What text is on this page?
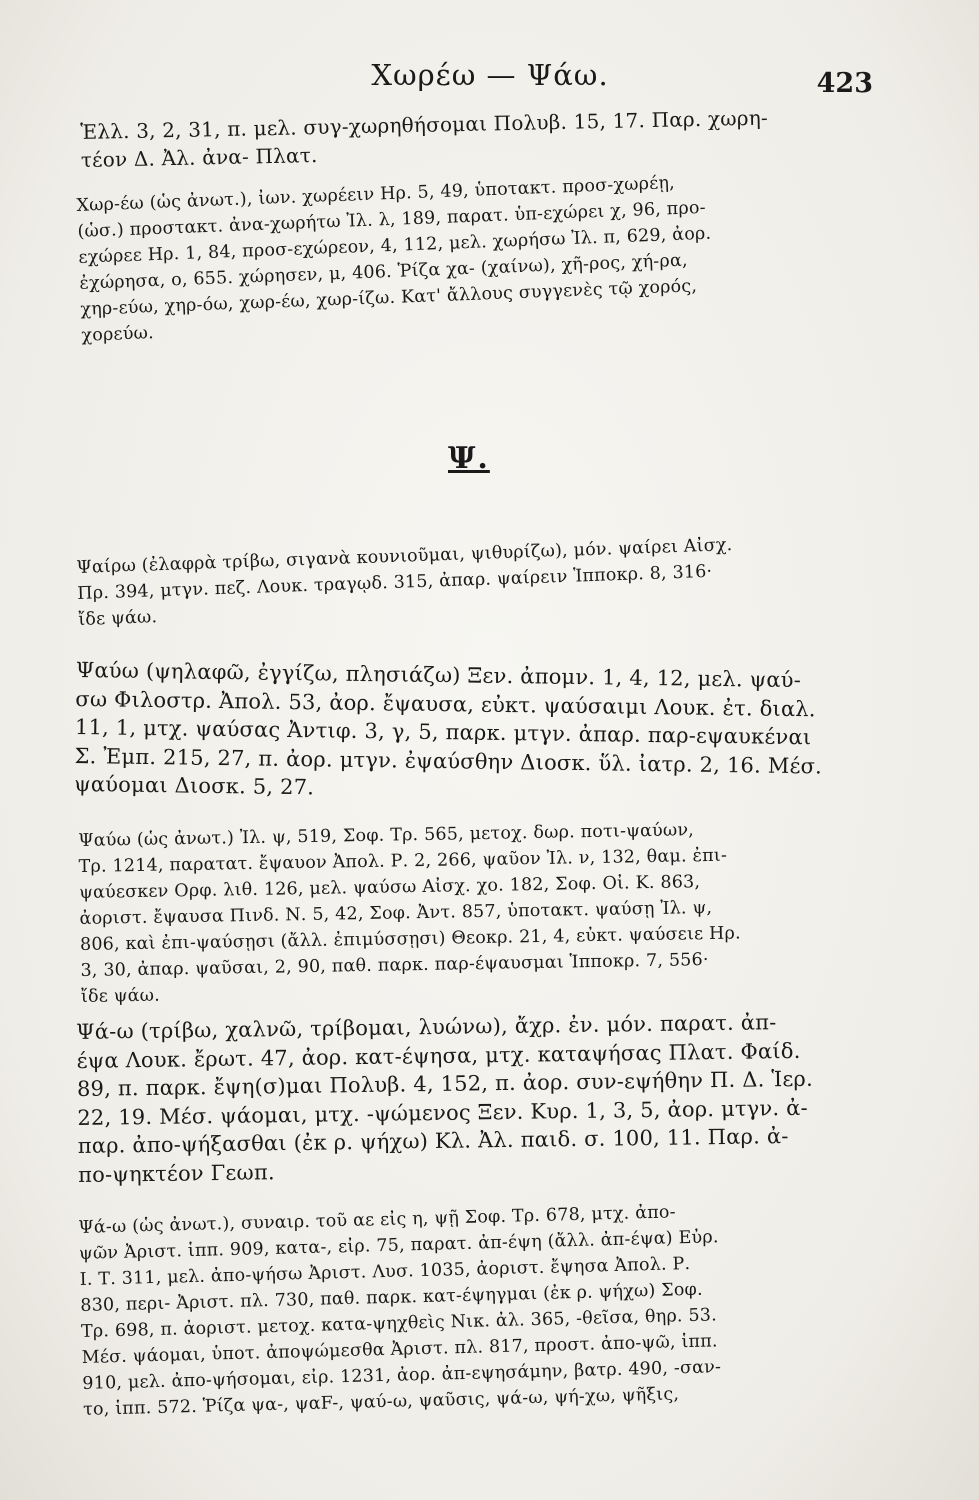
Χωρέω — Ψάω.	423
Ἑλλ. 3, 2, 31, π. μελ. συγ-χωρηθήσομαι Πολυβ. 15, 17. Παρ. χωρη-
τέον Δ. Ἀλ. ἀνα- Πλατ.
Χωρ-έω (ὡς ἀνωτ.), ἰων. χωρέειν Ηρ. 5, 49, ὑποτακτ. προσ-χωρέῃ,
(ὡσ.) προστακτ. ἀνα-χωρήτω Ἰλ. λ, 189, παρατ. ὑπ-εχώρει χ, 96, προ-
εχώρεε Ηρ. 1, 84, προσ-εχώρεον, 4, 112, μελ. χωρήσω Ἰλ. π, 629, ἀορ.
ἐχώρησα, ο, 655. χώρησεν, μ, 406. Ῥίζα χα- (χαίνω), χῆ-ρος, χή-ρα,
χηρ-εύω, χηρ-όω, χωρ-έω, χωρ-ίζω. Κατ' ἄλλους συγγενὲς τῷ χορός,
χορεύω.
Ψ.
Ψαίρω (ἐλαφρὰ τρίβω, σιγανὰ κουνιοῦμαι, ψιθυρίζω), μόν. ψαίρει Αἰσχ.
Πρ. 394, μτγν. πεζ. Λουκ. τραγῳδ. 315, ἀπαρ. ψαίρειν Ἱπποκρ. 8, 316·
ἴδε ψάω.
Ψαύω (ψηλαφῶ, ἐγγίζω, πλησιάζω) Ξεν. ἀπομν. 1, 4, 12, μελ. ψαύ-
σω Φιλοστρ. Ἀπολ. 53, ἀορ. ἔψαυσα, εὐκτ. ψαύσαιμι Λουκ. ἐτ. διαλ.
11, 1, μτχ. ψαύσας Ἀντιφ. 3, γ, 5, παρκ. μτγν. ἀπαρ. παρ-εψαυκέναι
Σ. Ἐμπ. 215, 27, π. ἀορ. μτγν. ἐψαύσθην Διοσκ. ὕλ. ἰατρ. 2, 16. Μέσ.
ψαύομαι Διοσκ. 5, 27.
Ψαύω (ὡς ἀνωτ.) Ἰλ. ψ, 519, Σοφ. Τρ. 565, μετοχ. δωρ. ποτι-ψαύων,
Τρ. 1214, παρατατ. ἔψαυον Ἀπολ. Ρ. 2, 266, ψαῦον Ἰλ. ν, 132, θαμ. ἐπι-
ψαύεσκεν Ορφ. λιθ. 126, μελ. ψαύσω Αἰσχ. χο. 182, Σοφ. Οἰ. Κ. 863,
ἀοριστ. ἔψαυσα Πινδ. Ν. 5, 42, Σοφ. Ἀντ. 857, ὑποτακτ. ψαύσῃ Ἰλ. ψ,
806, καὶ ἐπι-ψαύσῃσι (ἄλλ. ἐπιμύσσῃσι) Θεοκρ. 21, 4, εὐκτ. ψαύσειε Ηρ.
3, 30, ἀπαρ. ψαῦσαι, 2, 90, παθ. παρκ. παρ-έψαυσμαι Ἱπποκρ. 7, 556·
ἴδε ψάω.
Ψά-ω (τρίβω, χαλνῶ, τρίβομαι, λυώνω), ἄχρ. ἐν. μόν. παρατ. ἀπ-
έψα Λουκ. ἔρωτ. 47, ἀορ. κατ-έψησα, μτχ. καταψήσας Πλατ. Φαίδ.
89, π. παρκ. ἔψη(σ)μαι Πολυβ. 4, 152, π. ἀορ. συν-εψήθην Π. Δ. Ἱερ.
22, 19. Μέσ. ψάομαι, μτχ. -ψώμενος Ξεν. Κυρ. 1, 3, 5, ἀορ. μτγν. ἀ-
παρ. ἀπο-ψήξασθαι (ἐκ ρ. ψήχω) Κλ. Ἀλ. παιδ. σ. 100, 11. Παρ. ἀ-
πο-ψηκτέον Γεωπ.
Ψά-ω (ὡς ἀνωτ.), συναιρ. τοῦ αε εἰς η, ψῇ Σοφ. Τρ. 678, μτχ. ἀπο-
ψῶν Ἀριστ. ἱππ. 909, κατα-, εἰρ. 75, παρατ. ἀπ-έψη (ἄλλ. ἀπ-έψα) Εὐρ.
Ι. Τ. 311, μελ. ἀπο-ψήσω Ἀριστ. Λυσ. 1035, ἀοριστ. ἔψησα Ἀπολ. Ρ.
830, περι- Ἀριστ. πλ. 730, παθ. παρκ. κατ-έψηγμαι (ἐκ ρ. ψήχω) Σοφ.
Τρ. 698, π. ἀοριστ. μετοχ. κατα-ψηχθεὶς Νικ. ἀλ. 365, -θεῖσα, θηρ. 53.
Μέσ. ψάομαι, ὑποτ. ἀποψώμεσθα Ἀριστ. πλ. 817, προστ. ἀπο-ψῶ, ἱππ.
910, μελ. ἀπο-ψήσομαι, εἰρ. 1231, ἀορ. ἀπ-εψησάμην, βατρ. 490, -σαν-
το, ἱππ. 572. Ῥίζα ψα-, ψαF-, ψαύ-ω, ψαῦσις, ψά-ω, ψή-χω, ψῆξις,
